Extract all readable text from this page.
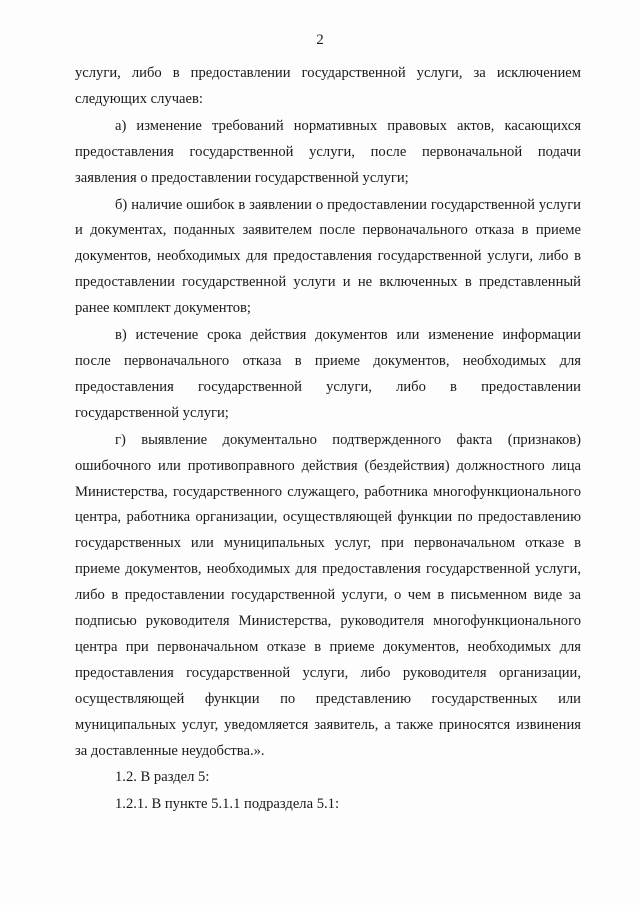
2

услуги, либо в предоставлении государственной услуги, за исключением следующих случаев:

а) изменение требований нормативных правовых актов, касающихся предоставления государственной услуги, после первоначальной подачи заявления о предоставлении государственной услуги;

б) наличие ошибок в заявлении о предоставлении государственной услуги и документах, поданных заявителем после первоначального отказа в приеме документов, необходимых для предоставления государственной услуги, либо в предоставлении государственной услуги и не включенных в представленный ранее комплект документов;

в) истечение срока действия документов или изменение информации после первоначального отказа в приеме документов, необходимых для предоставления государственной услуги, либо в предоставлении государственной услуги;

г) выявление документально подтвержденного факта (признаков) ошибочного или противоправного действия (бездействия) должностного лица Министерства, государственного служащего, работника многофункционального центра, работника организации, осуществляющей функции по предоставлению государственных или муниципальных услуг, при первоначальном отказе в приеме документов, необходимых для предоставления государственной услуги, либо в предоставлении государственной услуги, о чем в письменном виде за подписью руководителя Министерства, руководителя многофункционального центра при первоначальном отказе в приеме документов, необходимых для предоставления государственной услуги, либо руководителя организации, осуществляющей функции по представлению государственных или муниципальных услуг, уведомляется заявитель, а также приносятся извинения за доставленные неудобства.».

1.2. В раздел 5:

1.2.1. В пункте 5.1.1 подраздела 5.1:
